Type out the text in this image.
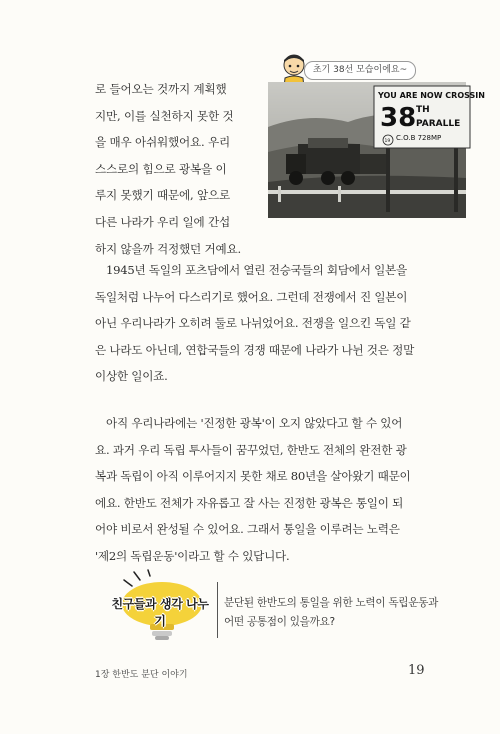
로 들어오는 것까지 계획했
지만, 이를 실천하지 못한 것
을 매우 아쉬워했어요. 우리
스스로의 힘으로 광복을 이
루지 못했기 때문에, 앞으로
다른 나라가 우리 일에 간섭
하지 않을까 걱정했던 거예요.
초기 38선 모습이에요~
YOU ARE NOW CROSSIN
38 TH
PARALLE
C.O.B 728MP
19
1945년 독일의 포츠담에서 열린 전승국들의 회담에서 일본을
독일처럼 나누어 다스리기로 했어요. 그런데 전쟁에서 진 일본이
아닌 우리나라가 오히려 둘로 나뉘었어요. 전쟁을 일으킨 독일 같
은 나라도 아닌데, 연합국들의 경쟁 때문에 나라가 나뉜 것은 정말
이상한 일이죠.
아직 우리나라에는 '진정한 광복'이 오지 않았다고 할 수 있어
요. 과거 우리 독립 투사들이 꿈꾸었던, 한반도 전체의 완전한 광
복과 독립이 아직 이루어지지 못한 채로 80년을 살아왔기 때문이
에요. 한반도 전체가 자유롭고 잘 사는 진정한 광복은 통일이 되
어야 비로서 완성될 수 있어요. 그래서 통일을 이루려는 노력은
'제2의 독립운동'이라고 할 수 있답니다.
친구들과 생각 나누기
분단된 한반도의 통일을 위한 노력이 독립운동과
어떤 공통점이 있을까요?
1장 한반도 분단 이야기	19
